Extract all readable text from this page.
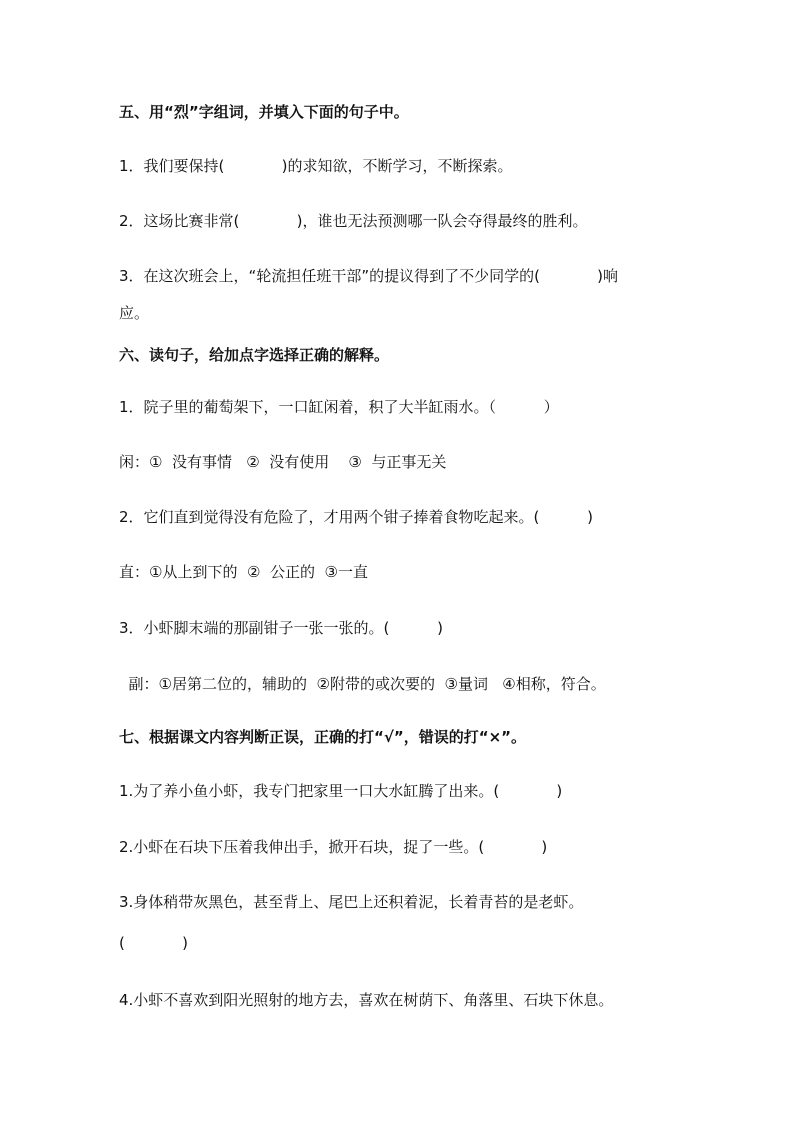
五、用“烈”字组词，并填入下面的句子中。
1．我们要保持(            )的求知欲，不断学习，不断探索。
2．这场比赛非常(            )，谁也无法预测哪一队会夺得最终的胜利。
3．在这次班会上，“轮流担任班干部”的提议得到了不少同学的(            )响
应。
六、读句子，给加点字选择正确的解释。
1．院子里的葡萄架下，一口缸闲着，积了大半缸雨水。（          ）
闲：①  没有事情   ②  没有使用    ③  与正事无关
2．它们直到觉得没有危险了，才用两个钳子捧着食物吃起来。(          )
直：①从上到下的  ②  公正的  ③一直
3．小虾脚末端的那副钳子一张一张的。(          )
副：①居第二位的，辅助的  ②附带的或次要的  ③量词   ④相称，符合。
七、根据课文内容判断正误，正确的打“√”，错误的打“×”。
1.为了养小鱼小虾，我专门把家里一口大水缸腾了出来。(            )
2.小虾在石块下压着我伸出手，掀开石块，捉了一些。(            )
3.身体稍带灰黑色，甚至背上、尾巴上还积着泥，长着青苔的是老虾。
(            )
4.小虾不喜欢到阳光照射的地方去，喜欢在树荫下、角落里、石块下休息。
